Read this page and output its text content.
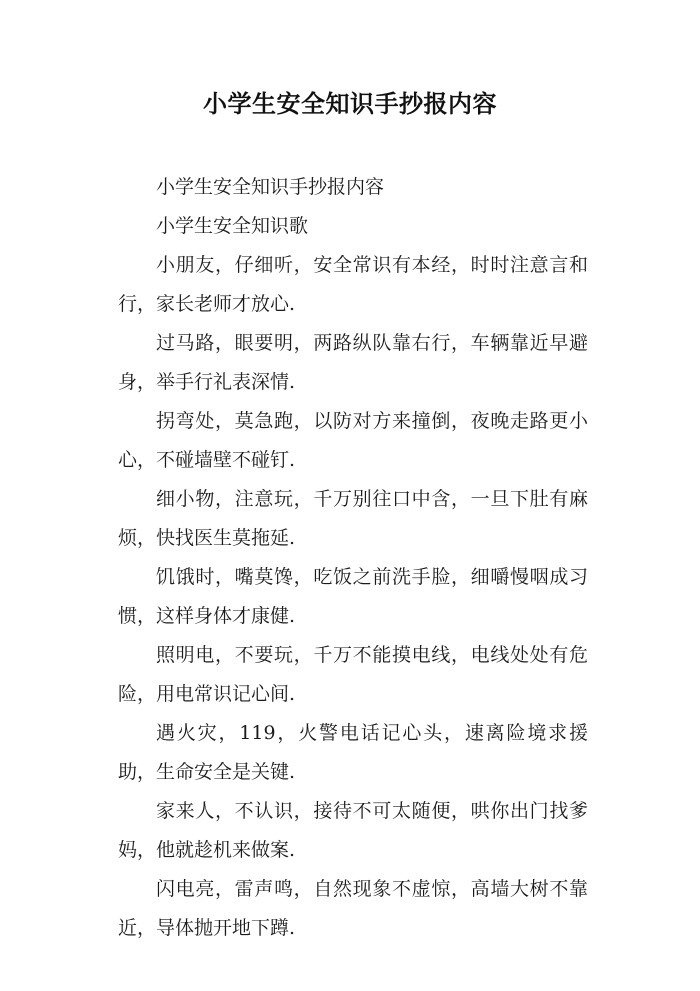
小学生安全知识手抄报内容

小学生安全知识手抄报内容

小学生安全知识歌

小朋友，仔细听，安全常识有本经，时时注意言和行，家长老师才放心.

过马路，眼要明，两路纵队靠右行，车辆靠近早避身，举手行礼表深情.

拐弯处，莫急跑，以防对方来撞倒，夜晚走路更小心，不碰墙壁不碰钉.

细小物，注意玩，千万别往口中含，一旦下肚有麻烦，快找医生莫拖延.

饥饿时，嘴莫馋，吃饭之前洗手脸，细嚼慢咽成习惯，这样身体才康健.

照明电，不要玩，千万不能摸电线，电线处处有危险，用电常识记心间.

遇火灾，119，火警电话记心头，速离险境求援助，生命安全是关键.

家来人，不认识，接待不可太随便，哄你出门找爹妈，他就趁机来做案.

闪电亮，雷声鸣，自然现象不虚惊，高墙大树不靠近，导体抛开地下蹲.
